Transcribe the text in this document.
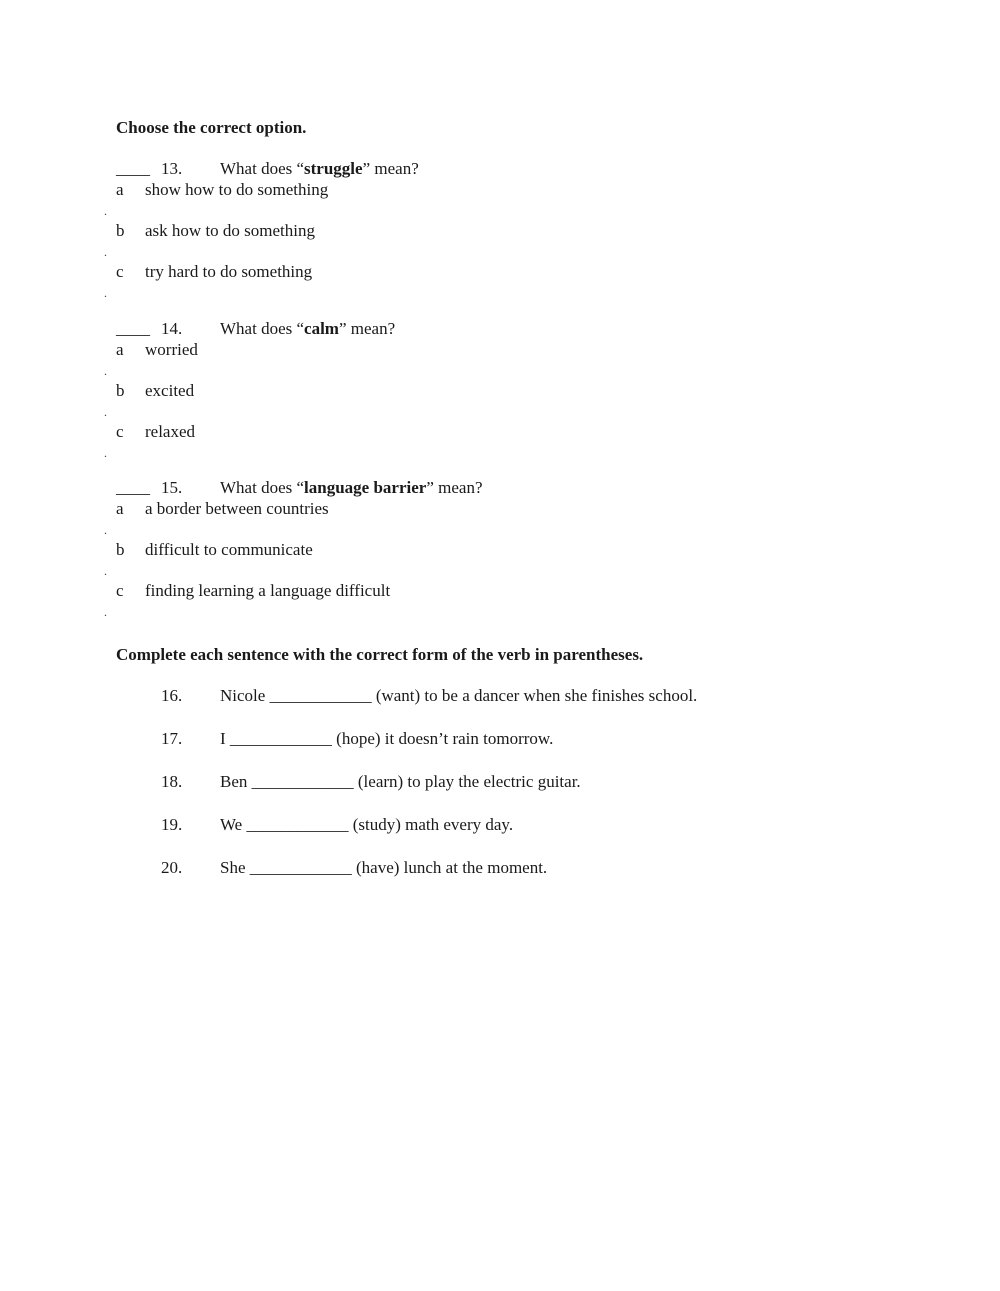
Choose the correct option.
____ 13. What does “struggle” mean?
a show how to do something
.
b ask how to do something
.
c try hard to do something
.
____ 14. What does “calm” mean?
a worried
.
b excited
.
c relaxed
.
____ 15. What does “language barrier” mean?
a a border between countries
.
b difficult to communicate
.
c finding learning a language difficult
.
Complete each sentence with the correct form of the verb in parentheses.
16. Nicole ____________ (want) to be a dancer when she finishes school.
17. I ____________ (hope) it doesn’t rain tomorrow.
18. Ben ____________ (learn) to play the electric guitar.
19. We ____________ (study) math every day.
20. She ____________ (have) lunch at the moment.
